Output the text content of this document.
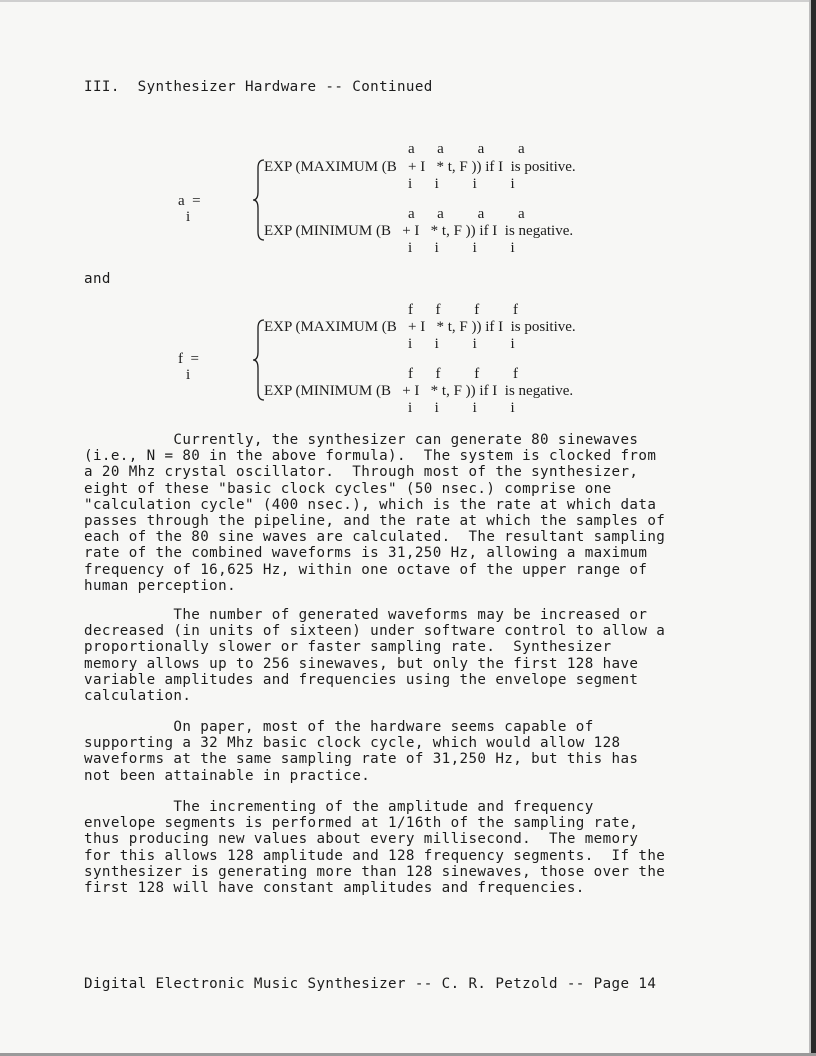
III.  Synthesizer Hardware -- Continued
a      a         a         a
EXP (MAXIMUM (B   + I   * t, F )) if I  is positive.
i      i         i         i
a  =
i	a      a         a         a
EXP (MINIMUM (B   + I   * t, F )) if I  is negative.
i      i         i         i
and
f      f         f         f
EXP (MAXIMUM (B   + I   * t, F )) if I  is positive.
i      i         i         i
f  =
i	f      f         f         f
EXP (MINIMUM (B   + I   * t, F )) if I  is negative.
i      i         i         i
Currently, the synthesizer can generate 80 sinewaves
(i.e., N = 80 in the above formula).  The system is clocked from
a 20 Mhz crystal oscillator.  Through most of the synthesizer,
eight of these "basic clock cycles" (50 nsec.) comprise one
"calculation cycle" (400 nsec.), which is the rate at which data
passes through the pipeline, and the rate at which the samples of
each of the 80 sine waves are calculated.  The resultant sampling
rate of the combined waveforms is 31,250 Hz, allowing a maximum
frequency of 16,625 Hz, within one octave of the upper range of
human perception.
The number of generated waveforms may be increased or
decreased (in units of sixteen) under software control to allow a
proportionally slower or faster sampling rate.  Synthesizer
memory allows up to 256 sinewaves, but only the first 128 have
variable amplitudes and frequencies using the envelope segment
calculation.
On paper, most of the hardware seems capable of
supporting a 32 Mhz basic clock cycle, which would allow 128
waveforms at the same sampling rate of 31,250 Hz, but this has
not been attainable in practice.
The incrementing of the amplitude and frequency
envelope segments is performed at 1/16th of the sampling rate,
thus producing new values about every millisecond.  The memory
for this allows 128 amplitude and 128 frequency segments.  If the
synthesizer is generating more than 128 sinewaves, those over the
first 128 will have constant amplitudes and frequencies.
Digital Electronic Music Synthesizer -- C. R. Petzold -- Page 14
